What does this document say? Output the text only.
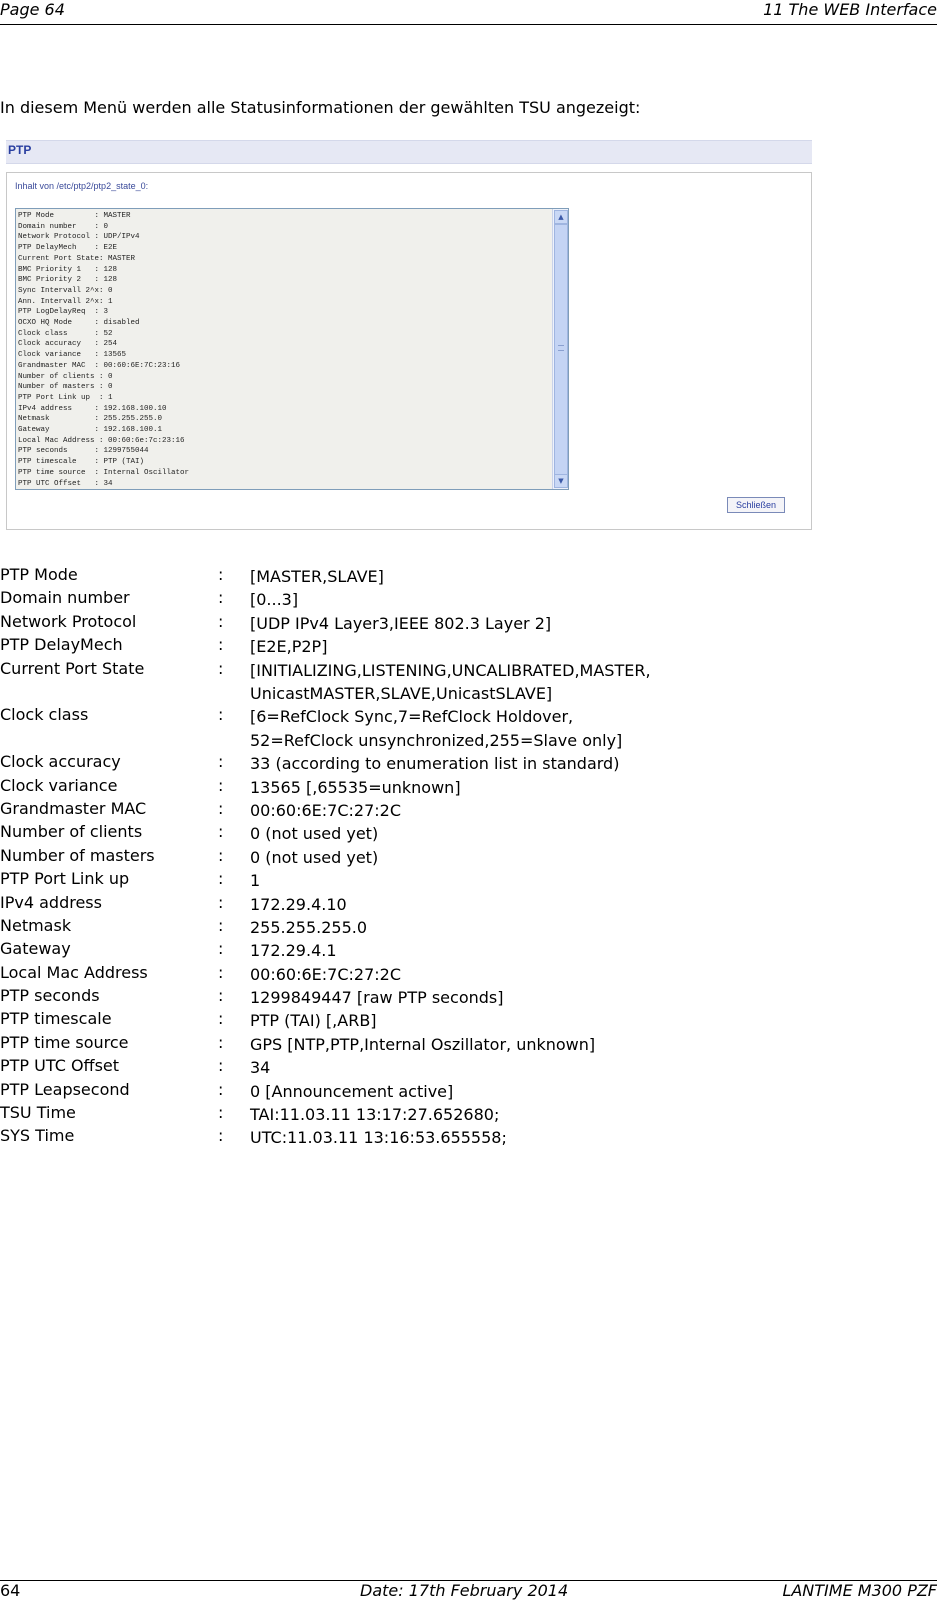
Page 64	11 The WEB Interface
In diesem Menü werden alle Statusinformationen der gewählten TSU angezeigt:
PTP
Inhalt von /etc/ptp2/ptp2_state_0:
PTP Mode         : MASTER
Domain number    : 0
Network Protocol : UDP/IPv4
PTP DelayMech    : E2E
Current Port State: MASTER
BMC Priority 1   : 128
BMC Priority 2   : 128
Sync Intervall 2^x: 0
Ann. Intervall 2^x: 1
PTP LogDelayReq  : 3
OCXO HQ Mode     : disabled
Clock class      : 52
Clock accuracy   : 254
Clock variance   : 13565
Grandmaster MAC  : 00:60:6E:7C:23:16
Number of clients : 0
Number of masters : 0
PTP Port Link up  : 1
IPv4 address     : 192.168.100.10
Netmask          : 255.255.255.0
Gateway          : 192.168.100.1
Local Mac Address : 00:60:6e:7c:23:16
PTP seconds      : 1299755044
PTP timescale    : PTP (TAI)
PTP time source  : Internal Oscillator
PTP UTC Offset   : 34
▲
▼
Schließen
PTP Mode	: [MASTER,SLAVE]
Domain number	: [0...3]
Network Protocol	: [UDP IPv4 Layer3,IEEE 802.3 Layer 2]
PTP DelayMech	: [E2E,P2P]
Current Port State	: [INITIALIZING,LISTENING,UNCALIBRATED,MASTER,
UnicastMASTER,SLAVE,UnicastSLAVE]
Clock class	: [6=RefClock Sync,7=RefClock Holdover,
52=RefClock unsynchronized,255=Slave only]
Clock accuracy	: 33 (according to enumeration list in standard)
Clock variance	: 13565 [,65535=unknown]
Grandmaster MAC	: 00:60:6E:7C:27:2C
Number of clients	: 0 (not used yet)
Number of masters	: 0 (not used yet)
PTP Port Link up	: 1
IPv4 address	: 172.29.4.10
Netmask	: 255.255.255.0
Gateway	: 172.29.4.1
Local Mac Address	: 00:60:6E:7C:27:2C
PTP seconds	: 1299849447 [raw PTP seconds]
PTP timescale	: PTP (TAI) [,ARB]
PTP time source	: GPS [NTP,PTP,Internal Oszillator, unknown]
PTP UTC Offset	: 34
PTP Leapsecond	: 0 [Announcement active]
TSU Time	: TAI:11.03.11 13:17:27.652680;
SYS Time	: UTC:11.03.11 13:16:53.655558;
64	Date: 17th February 2014	LANTIME M300 PZF
